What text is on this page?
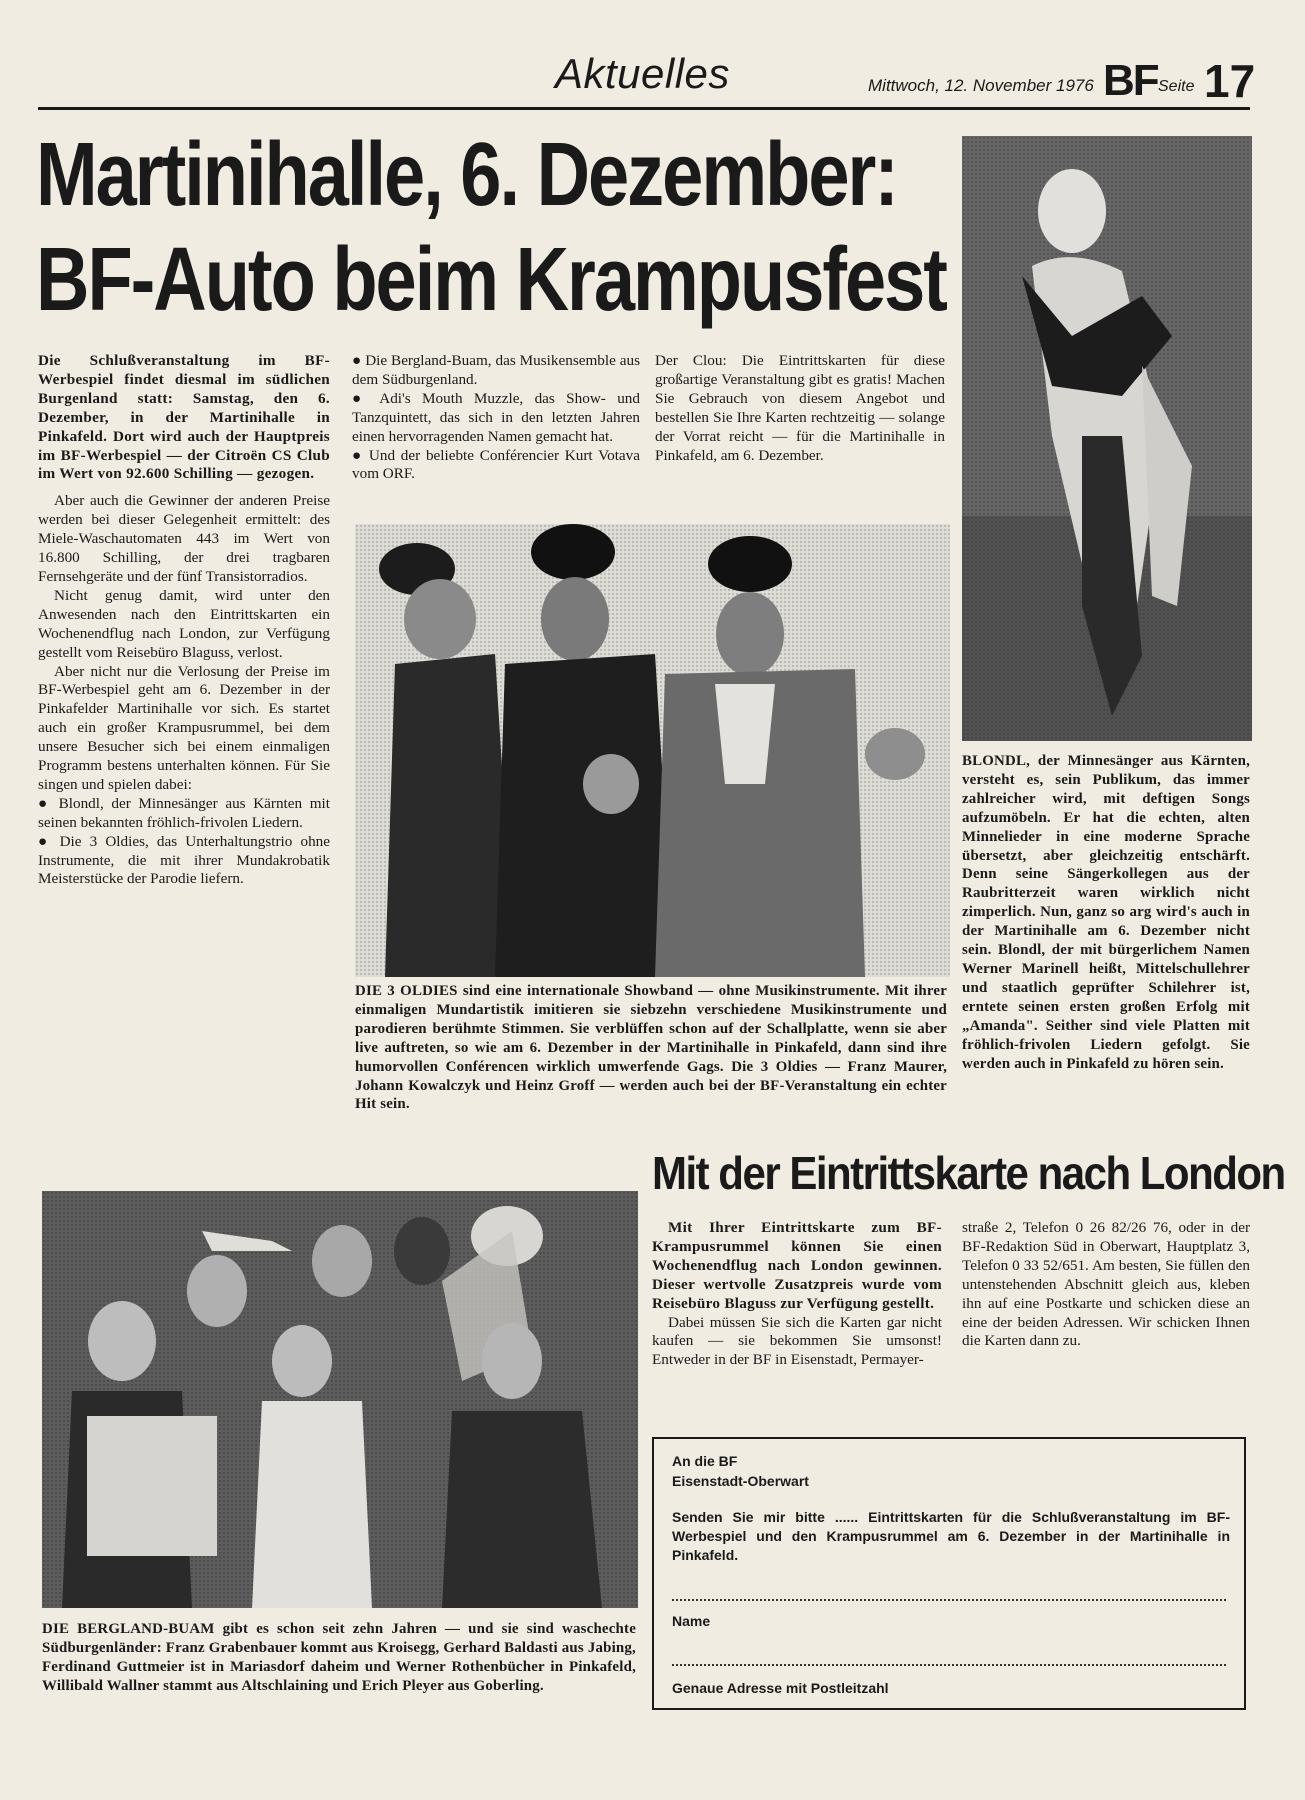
Aktuelles	Mittwoch, 12. November 1976 BF Seite 17
Martinihalle, 6. Dezember:
BF-Auto beim Krampusfest

Die Schlußveranstaltung im BF-Werbespiel findet diesmal im südlichen Burgenland statt: Samstag, den 6. Dezember, in der Martinihalle in Pinkafeld. Dort wird auch der Hauptpreis im BF-Werbespiel — der Citroën CS Club im Wert von 92.600 Schilling — gezogen.

Aber auch die Gewinner der anderen Preise werden bei dieser Gelegenheit ermittelt: des Miele-Waschautomaten 443 im Wert von 16.800 Schilling, der drei tragbaren Fernsehgeräte und der fünf Transistorradios.

Nicht genug damit, wird unter den Anwesenden nach den Eintrittskarten ein Wochenendflug nach London, zur Verfügung gestellt vom Reisebüro Blaguss, verlost.

Aber nicht nur die Verlosung der Preise im BF-Werbespiel geht am 6. Dezember in der Pinkafelder Martinihalle vor sich. Es startet auch ein großer Krampusrummel, bei dem unsere Besucher sich bei einem einmaligen Programm bestens unterhalten können. Für Sie singen und spielen dabei:

● Blondl, der Minnesänger aus Kärnten mit seinen bekannten fröhlich-frivolen Liedern.

● Die 3 Oldies, das Unterhaltungstrio ohne Instrumente, die mit ihrer Mundakrobatik Meisterstücke der Parodie liefern.

● Die Bergland-Buam, das Musikensemble aus dem Südburgenland.

● Adi's Mouth Muzzle, das Show- und Tanzquintett, das sich in den letzten Jahren einen hervorragenden Namen gemacht hat.

● Und der beliebte Conférencier Kurt Votava vom ORF.

Der Clou: Die Eintrittskarten für diese großartige Veranstaltung gibt es gratis! Machen Sie Gebrauch von diesem Angebot und bestellen Sie Ihre Karten rechtzeitig — solange der Vorrat reicht — für die Martinihalle in Pinkafeld, am 6. Dezember.

BLONDL, der Minnesänger aus Kärnten, versteht es, sein Publikum, das immer zahlreicher wird, mit deftigen Songs aufzumöbeln. Er hat die echten, alten Minnelieder in eine moderne Sprache übersetzt, aber gleichzeitig entschärft. Denn seine Sängerkollegen aus der Raubritterzeit waren wirklich nicht zimperlich. Nun, ganz so arg wird's auch in der Martinihalle am 6. Dezember nicht sein. Blondl, der mit bürgerlichem Namen Werner Marinell heißt, Mittelschullehrer und staatlich geprüfter Schilehrer ist, erntete seinen ersten großen Erfolg mit „Amanda". Seither sind viele Platten mit fröhlich-frivolen Liedern gefolgt. Sie werden auch in Pinkafeld zu hören sein.
DIE 3 OLDIES sind eine internationale Showband — ohne Musikinstrumente. Mit ihrer einmaligen Mundartistik imitieren sie siebzehn verschiedene Musikinstrumente und parodieren berühmte Stimmen. Sie verblüffen schon auf der Schallplatte, wenn sie aber live auftreten, so wie am 6. Dezember in der Martinihalle in Pinkafeld, dann sind ihre humorvollen Conférencen wirklich umwerfende Gags. Die 3 Oldies — Franz Maurer, Johann Kowalczyk und Heinz Groff — werden auch bei der BF-Veranstaltung ein echter Hit sein.
DIE BERGLAND-BUAM gibt es schon seit zehn Jahren — und sie sind waschechte Südburgenländer: Franz Grabenbauer kommt aus Kroisegg, Gerhard Baldasti aus Jabing, Ferdinand Guttmeier ist in Mariasdorf daheim und Werner Rothenbücher in Pinkafeld, Willibald Wallner stammt aus Altschlaining und Erich Pleyer aus Goberling.
Mit der Eintrittskarte nach London

Mit Ihrer Eintrittskarte zum BF-Krampusrummel können Sie einen Wochenendflug nach London gewinnen. Dieser wertvolle Zusatzpreis wurde vom Reisebüro Blaguss zur Verfügung gestellt.

Dabei müssen Sie sich die Karten gar nicht kaufen — sie bekommen Sie umsonst! Entweder in der BF in Eisenstadt, Permayer-

straße 2, Telefon 0 26 82/26 76, oder in der BF-Redaktion Süd in Oberwart, Hauptplatz 3, Telefon 0 33 52/651. Am besten, Sie füllen den untenstehenden Abschnitt gleich aus, kleben ihn auf eine Postkarte und schicken diese an eine der beiden Adressen. Wir schicken Ihnen die Karten dann zu.

An die BF
Eisenstadt-Oberwart
Senden Sie mir bitte ...... Eintrittskarten für die Schlußveranstaltung im BF-Werbespiel und den Krampusrummel am 6. Dezember in der Martinihalle in Pinkafeld.
Name
Genaue Adresse mit Postleitzahl
